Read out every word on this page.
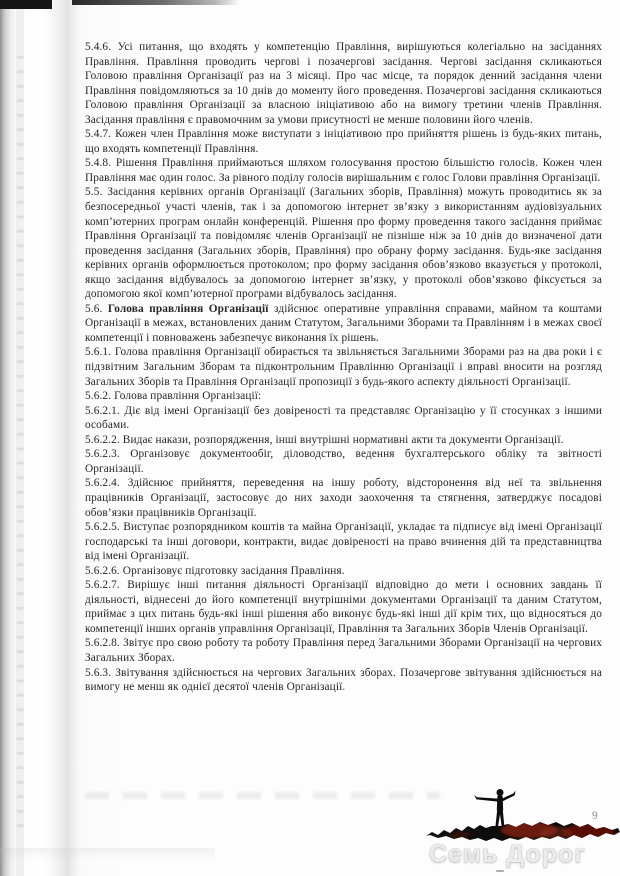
5.4.6. Усі питання, що входять у компетенцію Правління, вирішуються колегіально на засіданнях Правління. Правління проводить чергові і позачергові засідання. Чергові засідання скликаються Головою правління Організації раз на 3 місяці. Про час місце, та порядок денний засідання члени Правління повідомляються за 10 днів до моменту його проведення. Позачергові засідання скликаються Головою правління Організації за власною ініціативою або на вимогу третини членів Правління. Засідання правління є правомочним за умови присутності не менше половини його членів.

5.4.7. Кожен член Правління може виступати з ініціативою про прийняття рішень із будь-яких питань, що входять компетенції Правління.

5.4.8. Рішення Правління приймаються шляхом голосування простою більшістю голосів. Кожен член Правління має один голос. За рівного поділу голосів вирішальним є голос Голови правління Організації.

5.5. Засідання керівних органів Організації (Загальних зборів, Правління) можуть проводитись як за безпосередньої участі членів, так і за допомогою інтернет зв’язку з використанням аудіовізуальних комп’ютерних програм онлайн конференцій. Рішення про форму проведення такого засідання приймає Правління Організації та повідомляє членів Організації не пізніше ніж за 10 днів до визначеної дати проведення засідання (Загальних зборів, Правління) про обрану форму засідання. Будь-яке засідання керівних органів оформлюється протоколом; про форму засідання обов’язково вказується у протоколі, якщо засідання відбувалось за допомогою інтернет зв’язку, у протоколі обов’язково фіксується за допомогою якої комп’ютерної програми відбувалось засідання.

5.6. Голова правління Організації здійснює оперативне управління справами, майном та коштами Організації в межах, встановлених даним Статутом, Загальними Зборами та Правлінням і в межах своєї компетенції і повноважень забезпечує виконання їх рішень.

5.6.1. Голова правління Організації обирається та звільняється Загальними Зборами раз на два роки і є підзвітним Загальним Зборам та підконтрольним Правлінню Організації і вправі вносити на розгляд Загальних Зборів та Правління Організації пропозиції з будь-якого аспекту діяльності Організації.

5.6.2. Голова правління Організації:

5.6.2.1. Діє від імені Організації без довіреності та представляє Організацію у її стосунках з іншими особами.

5.6.2.2. Видає накази, розпорядження, інші внутрішні нормативні акти та документи Організації.

5.6.2.3. Організовує документообіг, діловодство, ведення бухгалтерського обліку та звітності Організації.

5.6.2.4. Здійснює прийняття, переведення на іншу роботу, відсторонення від неї та звільнення працівників Організації, застосовує до них заходи заохочення та стягнення, затверджує посадові обов’язки працівників Організації.

5.6.2.5. Виступає розпорядником коштів та майна Організації, укладає та підписує від імені Організації господарські та інші договори, контракти, видає довіреності на право вчинення дій та представництва від імені Організації.

5.6.2.6. Організовує підготовку засідання Правління.

5.6.2.7. Вирішує інші питання діяльності Організації відповідно до мети і основних завдань її діяльності, віднесені до його компетенції внутрішніми документами Організації та даним Статутом, приймає з цих питань будь-які інші рішення або виконує будь-які інші дії крім тих, що відносяться до компетенції інших органів управління Організації, Правління та Загальних Зборів Членів Організації.

5.6.2.8. Звітує про свою роботу та роботу Правління перед Загальними Зборами Організації на чергових Загальних Зборах.

5.6.3. Звітування здійснюється на чергових Загальних зборах. Позачергове звітування здійснюється на вимогу не менш як однієї десятої членів Організації.

9
Семь Дорог
